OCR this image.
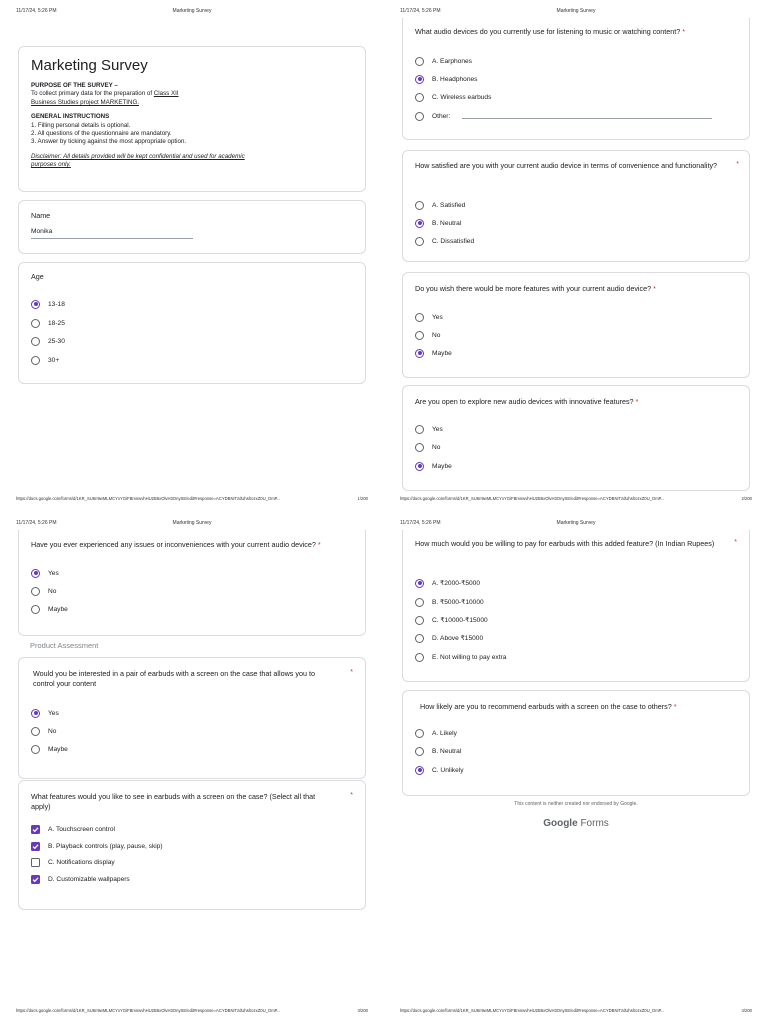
11/17/24, 5:26 PM	Marketing Survey
Marketing Survey
PURPOSE OF THE SURVEY –
To collect primary data for the preparation of Class XII
Business Studies project MARKETING.
GENERAL INSTRUCTIONS
1. Filling personal details is optional.
2. All questions of the questionnaire are mandatory.
3. Answer by ticking against the most appropriate option.
Disclaimer: All details provided will be kept confidential and used for academic
purposes only.
Name
Monika
Age
13-18
18-25
25-30
30+
https://docs.google.com/forms/d/1KR_SU6n9wMLMCYxYGiFBmnwvhHU2B6xOlvH3OnySE/edit#response=ACYDBNiTzdUhshozxZ0U_OmP...	1/200
11/17/24, 5:26 PM	Marketing Survey
What audio devices do you currently use for listening to music or watching content? *
A. Earphones
B. Headphones
C. Wireless earbuds
Other:
How satisfied are you with your current audio device in terms of convenience and functionality?	*
A. Satisfied
B. Neutral
C. Dissatisfied
Do you wish there would be more features with your current audio device? *
Yes
No
Maybe
Are you open to explore new audio devices with innovative features? *
Yes
No
Maybe
https://docs.google.com/forms/d/1KR_SU6n9wMLMCYxYGiFBmnwvhHU2B6xOlvH3OnySE/edit#response=ACYDBNiTzdUhshozxZ0U_OmP...	2/200
11/17/24, 5:26 PM	Marketing Survey
Have you ever experienced any issues or inconveniences with your current audio device? *
Yes
No
Maybe
Product Assessment
Would you be interested in a pair of earbuds with a screen on the case that allows you to control your content
*
Yes
No
Maybe
What features would you like to see in earbuds with a screen on the case? (Select all that apply)
*
A. Touchscreen control
B. Playback controls (play, pause, skip)
C. Notifications display
D. Customizable wallpapers
https://docs.google.com/forms/d/1KR_SU6n9wMLMCYxYGiFBmnwvhHU2B6xOlvH3OnySE/edit#response=ACYDBNiTzdUhshozxZ0U_OmP...	3/200
11/17/24, 5:26 PM	Marketing Survey
How much would you be willing to pay for earbuds with this added feature? (In Indian Rupees)	*
A. ₹2000-₹5000
B. ₹5000-₹10000
C. ₹10000-₹15000
D. Above ₹15000
E. Not willing to pay extra
How likely are you to recommend earbuds with a screen on the case to others? *
A. Likely
B. Neutral
C. Unlikely
This content is neither created nor endorsed by Google.
Google Forms
https://docs.google.com/forms/d/1KR_SU6n9wMLMCYxYGiFBmnwvhHU2B6xOlvH3OnySE/edit#response=ACYDBNiTzdUhshozxZ0U_OmP...	4/200
